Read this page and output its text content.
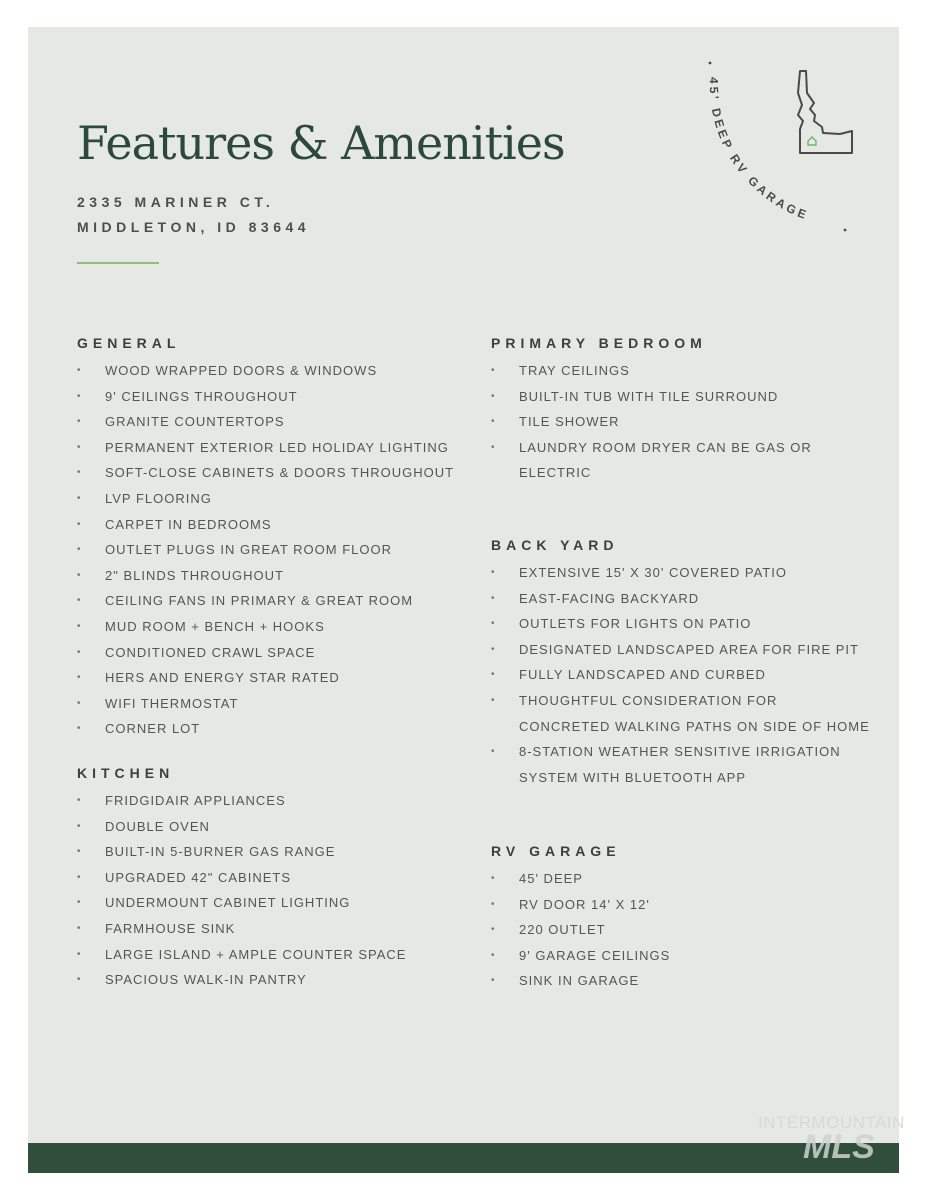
Features & Amenities
2335 MARINER CT.
MIDDLETON, ID 83644
45' DEEP RV GARAGE
GENERAL
• WOOD WRAPPED DOORS & WINDOWS
• 9' CEILINGS THROUGHOUT
• GRANITE COUNTERTOPS
• PERMANENT EXTERIOR LED HOLIDAY LIGHTING
• SOFT-CLOSE CABINETS & DOORS THROUGHOUT
• LVP FLOORING
• CARPET IN BEDROOMS
• OUTLET PLUGS IN GREAT ROOM FLOOR
• 2" BLINDS THROUGHOUT
• CEILING FANS IN PRIMARY & GREAT ROOM
• MUD ROOM + BENCH + HOOKS
• CONDITIONED CRAWL SPACE
• HERS AND ENERGY STAR RATED
• WIFI THERMOSTAT
• CORNER LOT
KITCHEN
• FRIDGIDAIR APPLIANCES
• DOUBLE OVEN
• BUILT-IN 5-BURNER GAS RANGE
• UPGRADED 42" CABINETS
• UNDERMOUNT CABINET LIGHTING
• FARMHOUSE SINK
• LARGE ISLAND + AMPLE COUNTER SPACE
• SPACIOUS WALK-IN PANTRY
PRIMARY BEDROOM
• TRAY CEILINGS
• BUILT-IN TUB WITH TILE SURROUND
• TILE SHOWER
• LAUNDRY ROOM DRYER CAN BE GAS OR
ELECTRIC
BACK YARD
• EXTENSIVE 15' X 30' COVERED PATIO
• EAST-FACING BACKYARD
• OUTLETS FOR LIGHTS ON PATIO
• DESIGNATED LANDSCAPED AREA FOR FIRE PIT
• FULLY LANDSCAPED AND CURBED
• THOUGHTFUL CONSIDERATION FOR
CONCRETED WALKING PATHS ON SIDE OF HOME
• 8-STATION WEATHER SENSITIVE IRRIGATION
SYSTEM WITH BLUETOOTH APP
RV GARAGE
• 45' DEEP
• RV DOOR 14' X 12'
• 220 OUTLET
• 9' GARAGE CEILINGS
• SINK IN GARAGE
INTERMOUNTAIN
MLS
